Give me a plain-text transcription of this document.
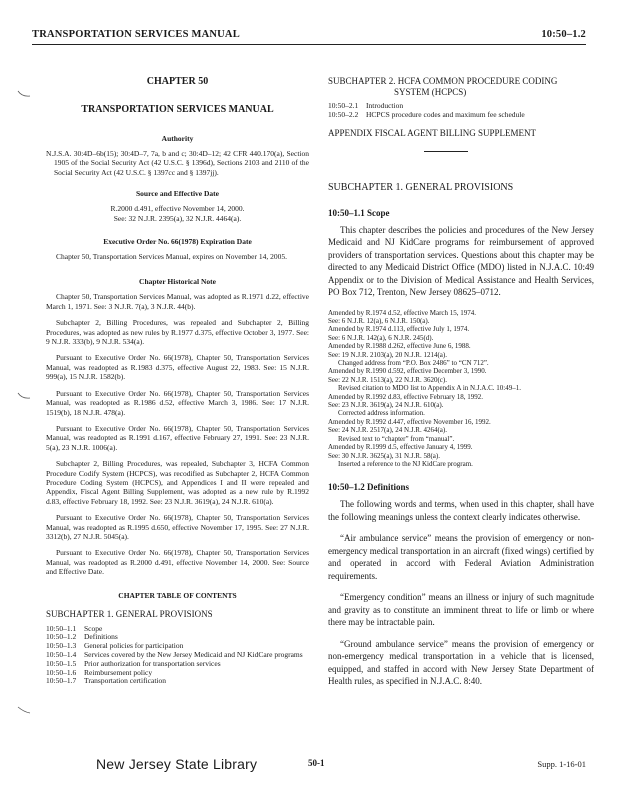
TRANSPORTATION SERVICES MANUAL	10:50–1.2

CHAPTER 50

TRANSPORTATION SERVICES MANUAL

Authority

N.J.S.A. 30:4D–6b(15); 30:4D–7, 7a, b and c; 30:4D–12; 42 CFR 440.170(a), Section 1905 of the Social Security Act (42 U.S.C. § 1396d), Sections 2103 and 2110 of the Social Security Act (42 U.S.C. § 1397cc and § 1397jj).

Source and Effective Date

R.2000 d.491, effective November 14, 2000.
See: 32 N.J.R. 2395(a), 32 N.J.R. 4464(a).

Executive Order No. 66(1978) Expiration Date

Chapter 50, Transportation Services Manual, expires on November 14, 2005.

Chapter Historical Note

Chapter 50, Transportation Services Manual, was adopted as R.1971 d.22, effective March 1, 1971. See: 3 N.J.R. 7(a), 3 N.J.R. 44(b).

Subchapter 2, Billing Procedures, was repealed and Subchapter 2, Billing Procedures, was adopted as new rules by R.1977 d.375, effective October 3, 1977. See: 9 N.J.R. 333(b), 9 N.J.R. 534(a).

Pursuant to Executive Order No. 66(1978), Chapter 50, Transportation Services Manual, was readopted as R.1983 d.375, effective August 22, 1983. See: 15 N.J.R. 999(a), 15 N.J.R. 1582(b).

Pursuant to Executive Order No. 66(1978), Chapter 50, Transportation Services Manual, was readopted as R.1986 d.52, effective March 3, 1986. See: 17 N.J.R. 1519(b), 18 N.J.R. 478(a).

Pursuant to Executive Order No. 66(1978), Chapter 50, Transportation Services Manual, was readopted as R.1991 d.167, effective February 27, 1991. See: 23 N.J.R. 5(a), 23 N.J.R. 1006(a).

Subchapter 2, Billing Procedures, was repealed, Subchapter 3, HCFA Common Procedure Codify System (HCPCS), was recodified as Subchapter 2, HCFA Common Procedure Coding System (HCPCS), and Appendices I and II were repealed and Appendix, Fiscal Agent Billing Supplement, was adopted as a new rule by R.1992 d.83, effective February 18, 1992. See: 23 N.J.R. 3619(a), 24 N.J.R. 610(a).

Pursuant to Executive Order No. 66(1978), Chapter 50, Transportation Services Manual, was readopted as R.1995 d.650, effective November 17, 1995. See: 27 N.J.R. 3312(b), 27 N.J.R. 5045(a).

Pursuant to Executive Order No. 66(1978), Chapter 50, Transportation Services Manual, was readopted as R.2000 d.491, effective November 14, 2000. See: Source and Effective Date.

CHAPTER TABLE OF CONTENTS

SUBCHAPTER 1. GENERAL PROVISIONS

10:50–1.1	Scope
10:50–1.2	Definitions
10:50–1.3	General policies for participation
10:50–1.4	Services covered by the New Jersey Medicaid and NJ KidCare programs
10:50–1.5	Prior authorization for transportation services
10:50–1.6	Reimbursement policy
10:50–1.7	Transportation certification

SUBCHAPTER 2. HCFA COMMON PROCEDURE CODING SYSTEM (HCPCS)

10:50–2.1	Introduction
10:50–2.2	HCPCS procedure codes and maximum fee schedule

APPENDIX FISCAL AGENT BILLING SUPPLEMENT

SUBCHAPTER 1. GENERAL PROVISIONS

10:50–1.1 Scope

This chapter describes the policies and procedures of the New Jersey Medicaid and NJ KidCare programs for reimbursement of approved providers of transportation services. Questions about this chapter may be directed to any Medicaid District Office (MDO) listed in N.J.A.C. 10:49 Appendix or to the Division of Medical Assistance and Health Services, PO Box 712, Trenton, New Jersey 08625–0712.

Amended by R.1974 d.52, effective March 15, 1974.

See: 6 N.J.R. 12(a), 6 N.J.R. 150(a).

Amended by R.1974 d.113, effective July 1, 1974.

See: 6 N.J.R. 142(a), 6 N.J.R. 245(d).

Amended by R.1988 d.262, effective June 6, 1988.

See: 19 N.J.R. 2103(a), 20 N.J.R. 1214(a).

Changed address from “P.O. Box 2486” to “CN 712”.

Amended by R.1990 d.592, effective December 3, 1990.

See: 22 N.J.R. 1513(a), 22 N.J.R. 3620(c).

Revised citation to MDO list to Appendix A in N.J.A.C. 10:49–1.

Amended by R.1992 d.83, effective February 18, 1992.

See: 23 N.J.R. 3619(a), 24 N.J.R. 610(a).

Corrected address information.

Amended by R.1992 d.447, effective November 16, 1992.

See: 24 N.J.R. 2517(a), 24 N.J.R. 4264(a).

Revised text to “chapter” from “manual”.

Amended by R.1999 d.5, effective January 4, 1999.

See: 30 N.J.R. 3625(a), 31 N.J.R. 58(a).

Inserted a reference to the NJ KidCare program.

10:50–1.2 Definitions

The following words and terms, when used in this chapter, shall have the following meanings unless the context clearly indicates otherwise.

“Air ambulance service” means the provision of emergency or non-emergency medical transportation in an aircraft (fixed wings) certified by and operated in accord with Federal Aviation Administration requirements.

“Emergency condition” means an illness or injury of such magnitude and gravity as to constitute an imminent threat to life or limb or where there may be intractable pain.

“Ground ambulance service” means the provision of emergency or non-emergency medical transportation in a vehicle that is licensed, equipped, and staffed in accord with New Jersey State Department of Health rules, as specified in N.J.A.C. 8:40.

New Jersey State Library	50-1	Supp. 1-16-01
